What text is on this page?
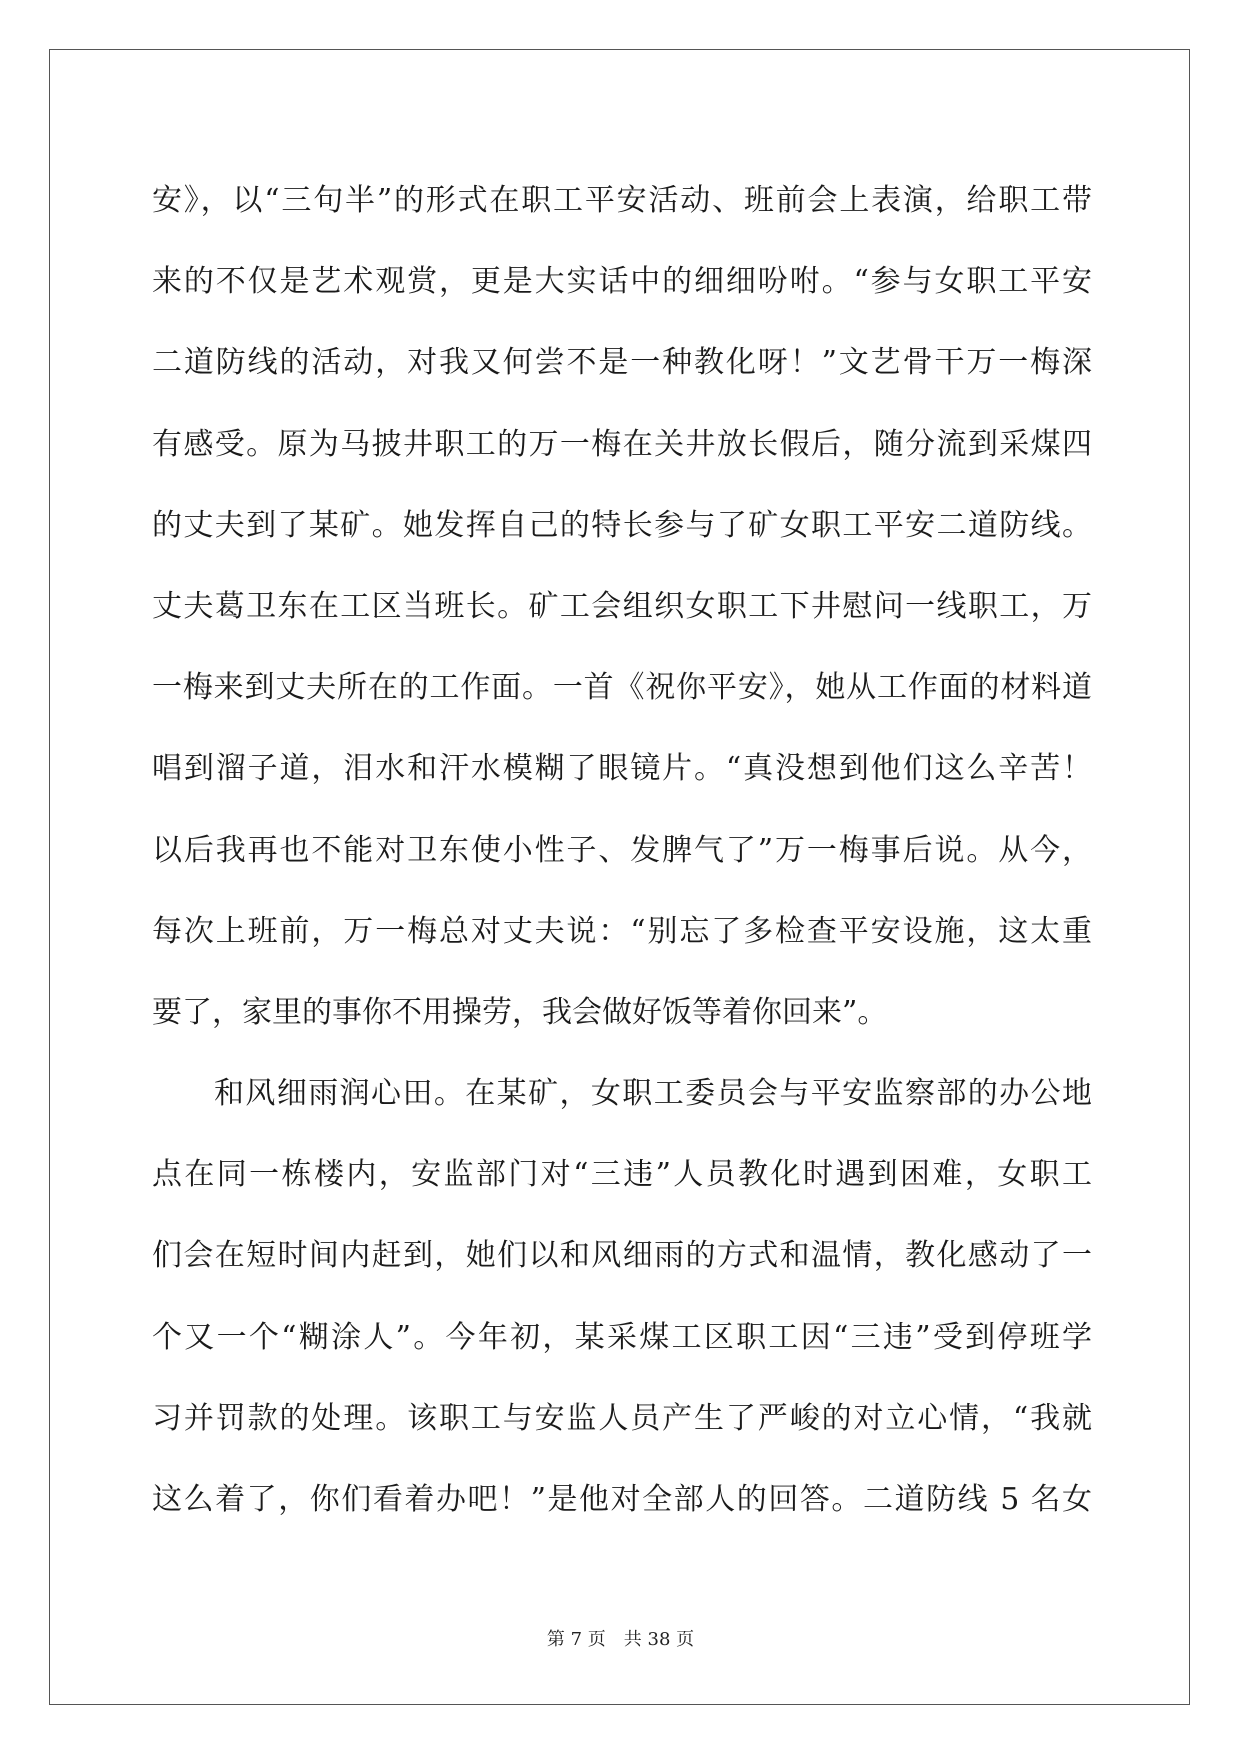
安》，以“三句半”的形式在职工平安活动、班前会上表演，给职工带
来的不仅是艺术观赏，更是大实话中的细细吩咐。“参与女职工平安
二道防线的活动，对我又何尝不是一种教化呀！”文艺骨干万一梅深
有感受。原为马披井职工的万一梅在关井放长假后，随分流到采煤四
的丈夫到了某矿。她发挥自己的特长参与了矿女职工平安二道防线。
丈夫葛卫东在工区当班长。矿工会组织女职工下井慰问一线职工，万
一梅来到丈夫所在的工作面。一首《祝你平安》，她从工作面的材料道
唱到溜子道，泪水和汗水模糊了眼镜片。“真没想到他们这么辛苦！
以后我再也不能对卫东使小性子、发脾气了”万一梅事后说。从今，
每次上班前，万一梅总对丈夫说：“别忘了多检查平安设施，这太重
要了，家里的事你不用操劳，我会做好饭等着你回来”。
和风细雨润心田。在某矿，女职工委员会与平安监察部的办公地
点在同一栋楼内，安监部门对“三违”人员教化时遇到困难，女职工
们会在短时间内赶到，她们以和风细雨的方式和温情，教化感动了一
个又一个“糊涂人”。今年初，某采煤工区职工因“三违”受到停班学
习并罚款的处理。该职工与安监人员产生了严峻的对立心情，“我就
这么着了，你们看着办吧！”是他对全部人的回答。二道防线 5 名女
第 7 页　共 38 页
